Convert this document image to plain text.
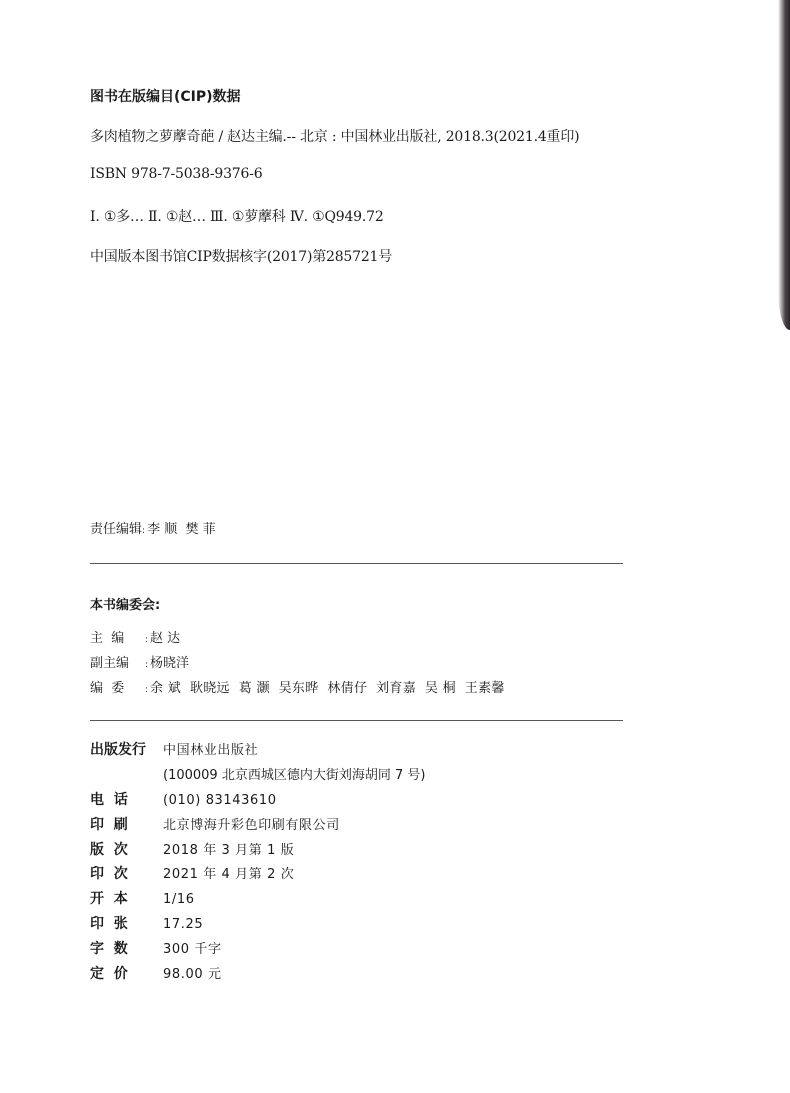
图书在版编目(CIP)数据
多肉植物之萝藦奇葩 / 赵达主编.-- 北京 : 中国林业出版社, 2018.3(2021.4重印)
ISBN 978-7-5038-9376-6
Ⅰ. ①多… Ⅱ. ①赵… Ⅲ. ①萝藦科 Ⅳ. ①Q949.72
中国版本图书馆CIP数据核字(2017)第285721号
责任编辑: 李 顺  樊 菲
本书编委会:
主  编 : 赵 达
副主编 : 杨晓洋
编  委 : 余 斌  耿晓远  葛 灏  吴东晔  林倩仔  刘育嘉  吴 桐  王素馨
出版发行 中国林业出版社
(100009 北京西城区德内大街刘海胡同 7 号)
电  话	(010) 83143610
印  刷	北京博海升彩色印刷有限公司
版  次	2018 年 3 月第 1 版
印  次	2021 年 4 月第 2 次
开  本	1/16
印  张	17.25
字  数	300 千字
定  价	98.00 元
